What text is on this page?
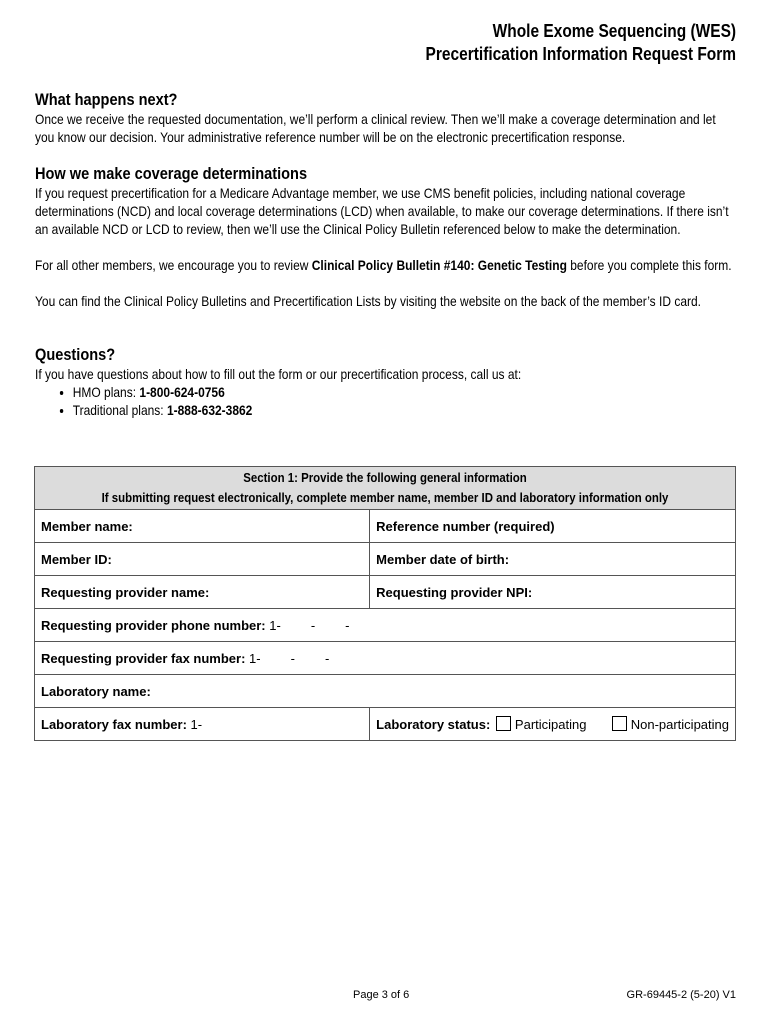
Whole Exome Sequencing (WES)
Precertification Information Request Form
What happens next?

Once we receive the requested documentation, we’ll perform a clinical review. Then we’ll make a coverage determination and let you know our decision. Your administrative reference number will be on the electronic precertification response.

How we make coverage determinations

If you request precertification for a Medicare Advantage member, we use CMS benefit policies, including national coverage determinations (NCD) and local coverage determinations (LCD) when available, to make our coverage determinations. If there isn’t an available NCD or LCD to review, then we’ll use the Clinical Policy Bulletin referenced below to make the determination.

For all other members, we encourage you to review Clinical Policy Bulletin #140: Genetic Testing before you complete this form.

You can find the Clinical Policy Bulletins and Precertification Lists by visiting the website on the back of the member’s ID card.

Questions?

If you have questions about how to fill out the form or our precertification process, call us at:

• HMO plans: 1-800-624-0756
• Traditional plans: 1-888-632-3862
Section 1: Provide the following general information
If submitting request electronically, complete member name, member ID and laboratory information only	

Member name:	Reference number (required)
Member ID:	Member date of birth:
Requesting provider name:	Requesting provider NPI:
Requesting provider phone number: 1- - -	
Requesting provider fax number: 1- - -	
Laboratory name:	
Laboratory fax number: 1-	Laboratory status: Participating Non-participating
Page 3 of 6	GR-69445-2 (5-20) V1
